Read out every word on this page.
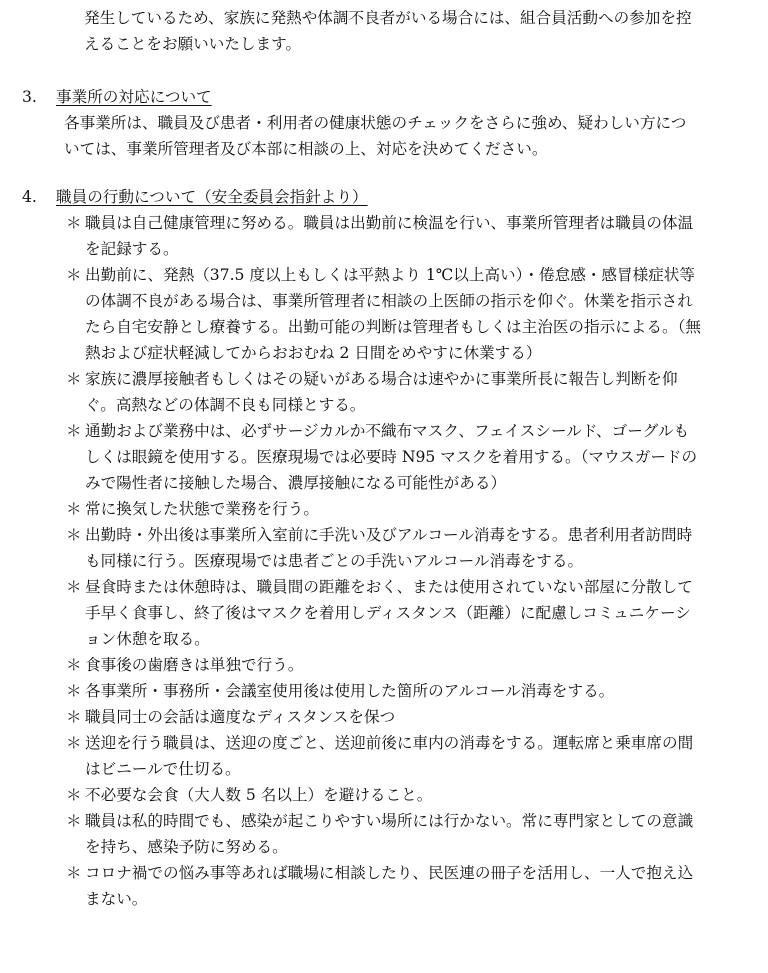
発生しているため、家族に発熱や体調不良者がいる場合には、組合員活動への参加を控
えることをお願いいたします。
3. 事業所の対応について
各事業所は、職員及び患者・利用者の健康状態のチェックをさらに強め、疑わしい方につ
いては、事業所管理者及び本部に相談の上、対応を決めてください。
4. 職員の行動について（安全委員会指針より）
＊ 職員は自己健康管理に努める。職員は出勤前に検温を行い、事業所管理者は職員の体温
を記録する。
＊ 出勤前に、発熱（37.5 度以上もしくは平熱より 1℃以上高い）・倦怠感・感冒様症状等
の体調不良がある場合は、事業所管理者に相談の上医師の指示を仰ぐ。休業を指示され
たら自宅安静とし療養する。出勤可能の判断は管理者もしくは主治医の指示による。（無
熱および症状軽減してからおおむね 2 日間をめやすに休業する）
＊ 家族に濃厚接触者もしくはその疑いがある場合は速やかに事業所長に報告し判断を仰
ぐ。高熱などの体調不良も同様とする。
＊ 通勤および業務中は、必ずサージカルか不織布マスク、フェイスシールド、ゴーグルも
しくは眼鏡を使用する。医療現場では必要時 N95 マスクを着用する。（マウスガードの
みで陽性者に接触した場合、濃厚接触になる可能性がある）
＊ 常に換気した状態で業務を行う。
＊ 出勤時・外出後は事業所入室前に手洗い及びアルコール消毒をする。患者利用者訪問時
も同様に行う。医療現場では患者ごとの手洗いアルコール消毒をする。
＊ 昼食時または休憩時は、職員間の距離をおく、または使用されていない部屋に分散して
手早く食事し、終了後はマスクを着用しディスタンス（距離）に配慮しコミュニケーシ
ョン休憩を取る。
＊ 食事後の歯磨きは単独で行う。
＊ 各事業所・事務所・会議室使用後は使用した箇所のアルコール消毒をする。
＊ 職員同士の会話は適度なディスタンスを保つ
＊ 送迎を行う職員は、送迎の度ごと、送迎前後に車内の消毒をする。運転席と乗車席の間
はビニールで仕切る。
＊ 不必要な会食（大人数 5 名以上）を避けること。
＊ 職員は私的時間でも、感染が起こりやすい場所には行かない。常に専門家としての意識
を持ち、感染予防に努める。
＊ コロナ禍での悩み事等あれば職場に相談したり、民医連の冊子を活用し、一人で抱え込
まない。
